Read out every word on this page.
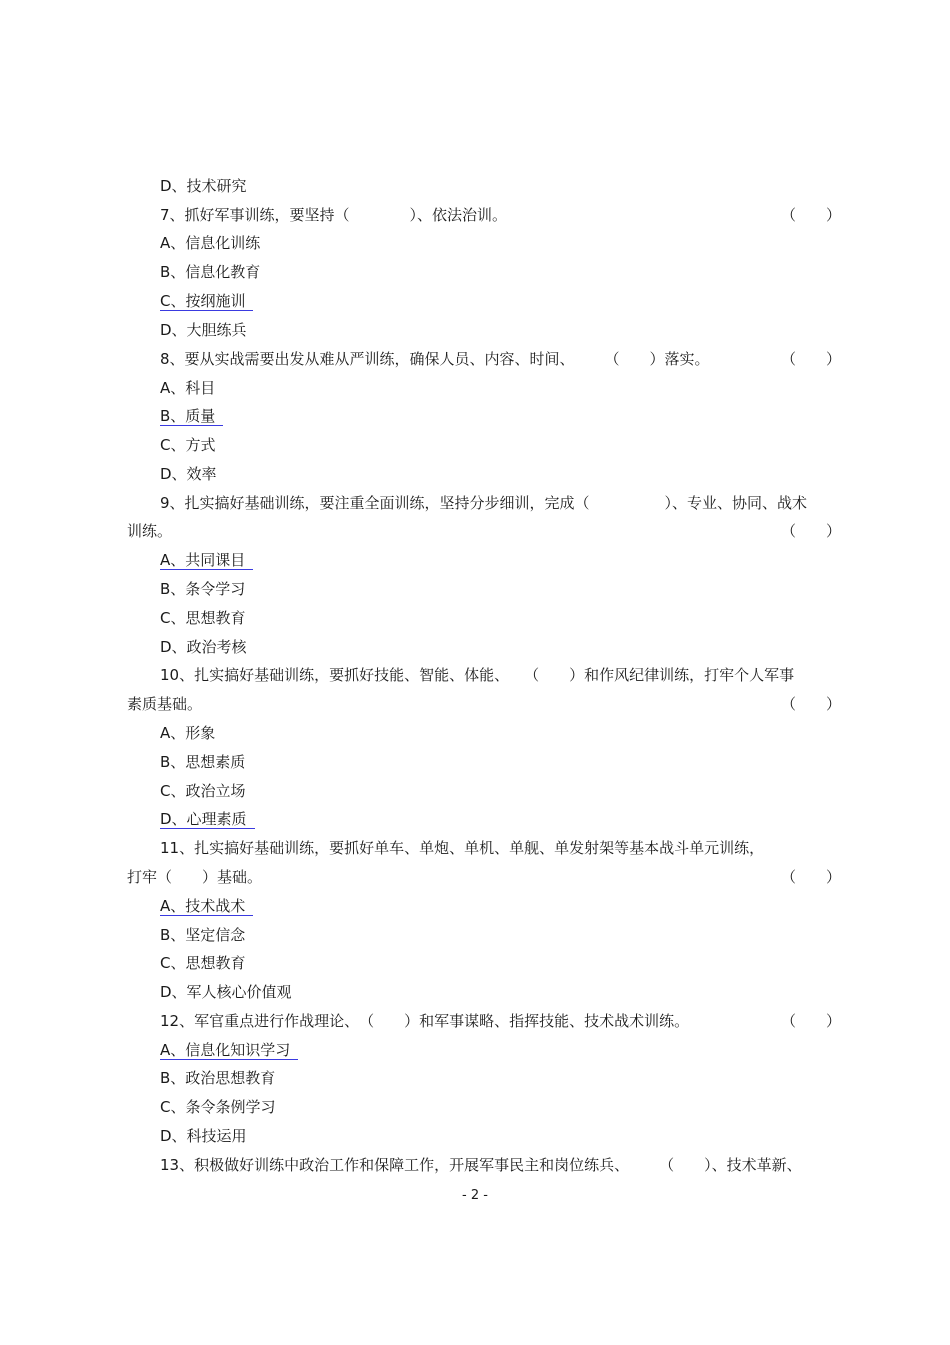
D、技术研究
7、抓好军事训练，要坚持（　　　　）、依法治训。
A、信息化训练
B、信息化教育
C、按纲施训
D、大胆练兵
8、要从实战需要出发从难从严训练，确保人员、内容、时间、　　　（　　）落实。
A、科目
B、质量
C、方式
D、效率
9、扎实搞好基础训练，要注重全面训练，坚持分步细训，完成（　　　　　）、专业、协同、战术
训练。
A、共同课目
B、条令学习
C、思想教育
D、政治考核
10、扎实搞好基础训练，要抓好技能、智能、体能、　　（　　）和作风纪律训练，打牢个人军事
素质基础。
A、形象
B、思想素质
C、政治立场
D、心理素质
11、扎实搞好基础训练，要抓好单车、单炮、单机、单舰、单发射架等基本战斗单元训练，
打牢（　　）基础。
A、技术战术
B、坚定信念
C、思想教育
D、军人核心价值观
12、军官重点进行作战理论、　（　　）和军事谋略、指挥技能、技术战术训练。
A、信息化知识学习
B、政治思想教育
C、条令条例学习
D、科技运用
13、积极做好训练中政治工作和保障工作，开展军事民主和岗位练兵、　　　（　　）、技术革新、
（　　）
（　　）
（　　）
（　　）
（　　）
（　　）
- 2 -
